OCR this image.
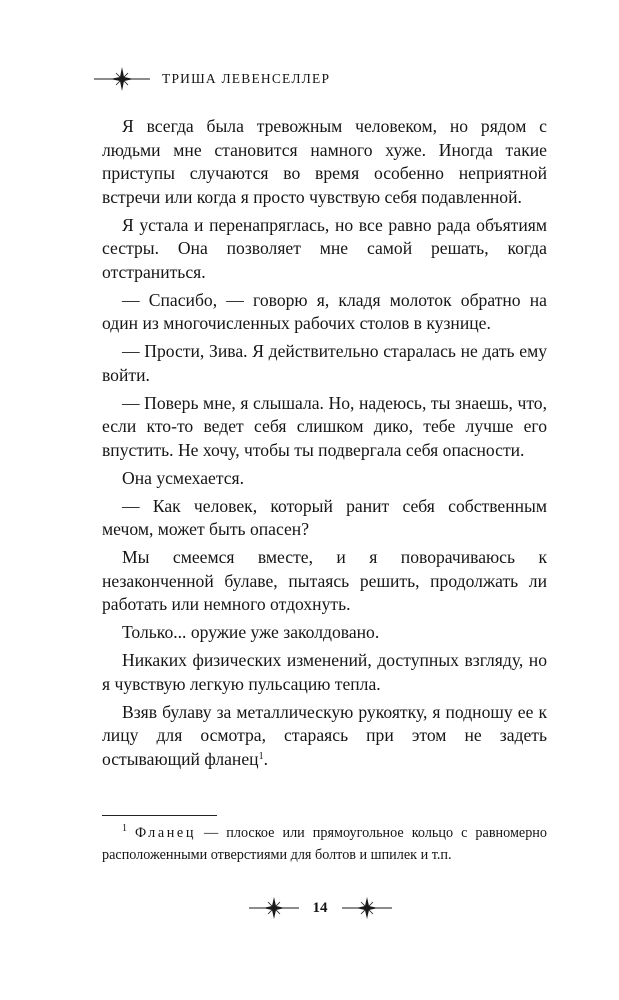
ТРИША ЛЕВЕНСЕЛЛЕР

Я всегда была тревожным человеком, но рядом с людьми мне становится намного хуже. Иногда такие приступы случаются во время особенно неприятной встречи или когда я просто чувствую себя подавленной.

Я устала и перенапряглась, но все равно рада объятиям сестры. Она позволяет мне самой решать, когда отстраниться.

— Спасибо, — говорю я, кладя молоток обратно на один из многочисленных рабочих столов в кузнице.

— Прости, Зива. Я действительно старалась не дать ему войти.

— Поверь мне, я слышала. Но, надеюсь, ты знаешь, что, если кто-то ведет себя слишком дико, тебе лучше его впустить. Не хочу, чтобы ты подвергала себя опасности.

Она усмехается.

— Как человек, который ранит себя собственным мечом, может быть опасен?

Мы смеемся вместе, и я поворачиваюсь к незаконченной булаве, пытаясь решить, продолжать ли работать или немного отдохнуть.

Только... оружие уже заколдовано.

Никаких физических изменений, доступных взгляду, но я чувствую легкую пульсацию тепла.

Взяв булаву за металлическую рукоятку, я подношу ее к лицу для осмотра, стараясь при этом не задеть остывающий фланец$^1$.

$^1$ Фланец — плоское или прямоугольное кольцо с равномерно расположенными отверстиями для болтов и шпилек и т.п.

14
